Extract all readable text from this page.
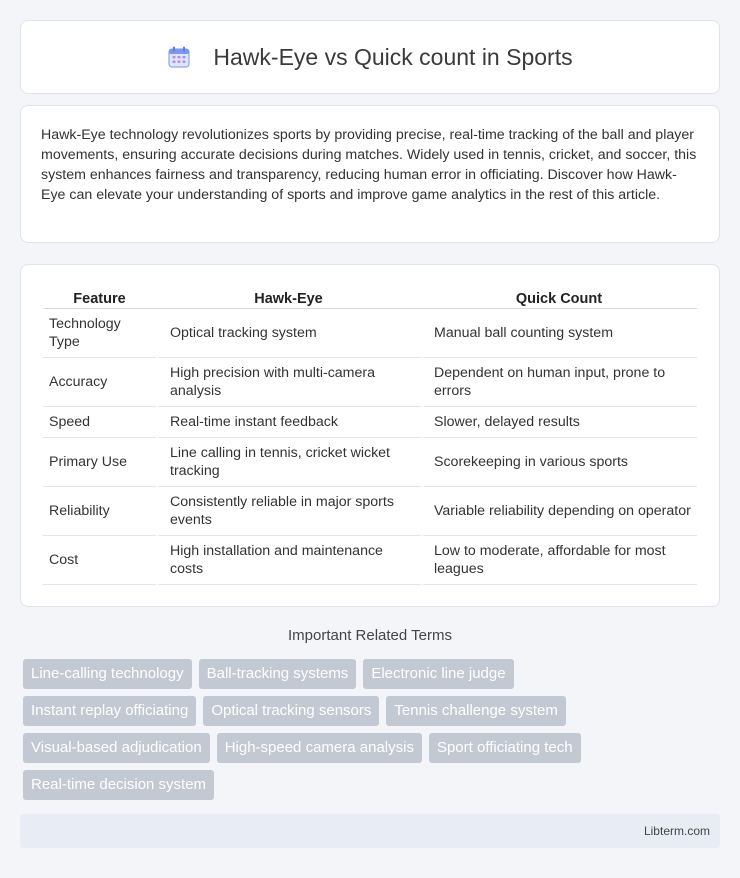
Hawk-Eye vs Quick count in Sports

Hawk-Eye technology revolutionizes sports by providing precise, real-time tracking of the ball and player movements, ensuring accurate decisions during matches. Widely used in tennis, cricket, and soccer, this system enhances fairness and transparency, reducing human error in officiating. Discover how Hawk-Eye can elevate your understanding of sports and improve game analytics in the rest of this article.

Feature	Hawk-Eye	Quick Count
Technology Type	Optical tracking system	Manual ball counting system
Accuracy	High precision with multi-camera analysis	Dependent on human input, prone to errors
Speed	Real-time instant feedback	Slower, delayed results
Primary Use	Line calling in tennis, cricket wicket tracking	Scorekeeping in various sports
Reliability	Consistently reliable in major sports events	Variable reliability depending on operator
Cost	High installation and maintenance costs	Low to moderate, affordable for most leagues
Important Related Terms
Line-calling technology	Ball-tracking systems	Electronic line judge
Instant replay officiating	Optical tracking sensors	Tennis challenge system
Visual-based adjudication	High-speed camera analysis	Sport officiating tech
Real-time decision system
Libterm.com
